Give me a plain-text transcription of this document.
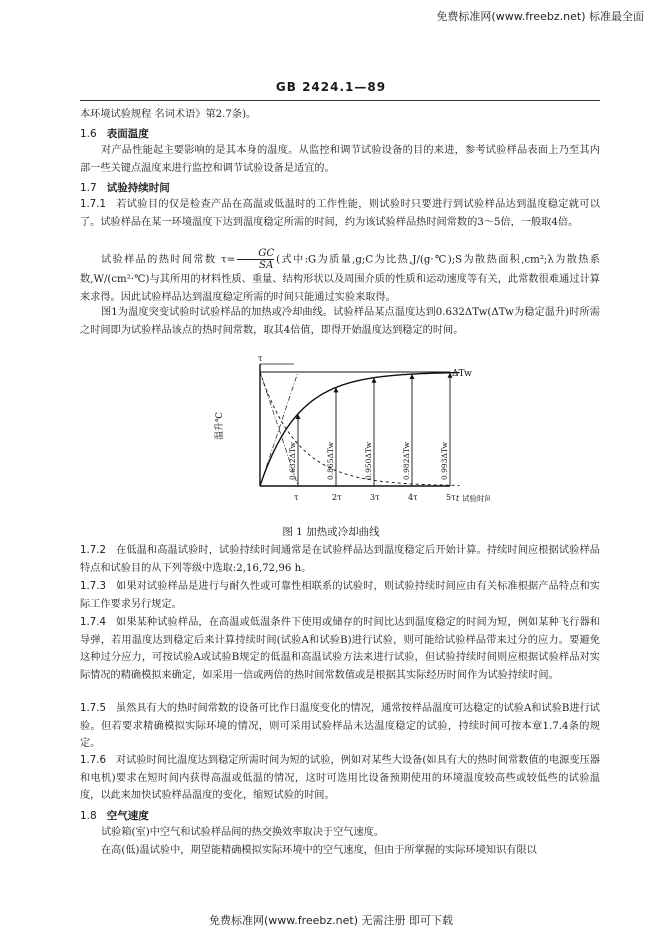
免费标准网(www.freebz.net) 标准最全面
GB 2424.1—89

本环境试验规程 名词术语》第2.7条)。

1.6 表面温度

对产品性能起主要影响的是其本身的温度。从监控和调节试验设备的目的来进，参考试验样品表面上乃至其内部一些关键点温度来进行监控和调节试验设备是适宜的。

1.7 试验持续时间

1.7.1 若试验目的仅是检查产品在高温或低温时的工作性能，则试验时只要进行到试验样品达到温度稳定就可以了。试验样品在某一环境温度下达到温度稳定所需的时间，约为该试验样品热时间常数的3～5倍，一般取4倍。

试验样品的热时间常数 $\tau= \frac{GC}{SA}$ (式中:G为质量,g;C为比热,J/(g·℃);S为散热面积,cm²;λ为散热系数,W/(cm²·℃)与其所用的材料性质、重量、结构形状以及周围介质的性质和运动速度等有关，此常数很难通过计算来求得。因此试验样品达到温度稳定所需的时间只能通过实验来取得。

图1为温度突变试验时试验样品的加热或冷却曲线。试验样品某点温度达到0.632ΔTw(ΔTw为稳定温升)时所需之时间即为试验样品该点的热时间常数，取其4倍值，即得开始温度达到稳定的时间。

ΔTw
温升℃
τ
t 试验时间
τ
0.632ΔTw
2τ
0.865ΔTw
3τ
0.950ΔTw
4τ
0.982ΔTw
5τ
0.993ΔTw
图 1 加热或冷却曲线

1.7.2 在低温和高温试验时，试验持续时间通常是在试验样品达到温度稳定后开始计算。持续时间应根据试验样品特点和试验目的从下列等级中选取:2,16,72,96 h。

1.7.3 如果对试验样品是进行与耐久性或可靠性相联系的试验时，则试验持续时间应由有关标准根据产品特点和实际工作要求另行规定。

1.7.4 如果某种试验样品，在高温或低温条件下使用或储存的时间比达到温度稳定的时间为短，例如某种飞行器和导弹，若用温度达到稳定后来计算持续时间(试验A和试验B)进行试验，则可能给试验样品带来过分的应力。要避免这种过分应力，可按试验A或试验B规定的低温和高温试验方法来进行试验，但试验持续时间则应根据试验样品对实际情况的精确模拟来确定，如采用一倍或两倍的热时间常数值或是根据其实际经历时间作为试验持续时间。

1.7.5 虽然具有大的热时间常数的设备可比作日温度变化的情况，通常按样品温度可达稳定的试验A和试验B进行试验。但若要求精确模拟实际环境的情况，则可采用试验样品未达温度稳定的试验，持续时间可按本章1.7.4条的规定。

1.7.6 对试验时间比温度达到稳定所需时间为短的试验，例如对某些大设备(如具有大的热时间常数值的电源变压器和电机)要求在短时间内获得高温或低温的情况，这时可选用比设备预期使用的环境温度较高些或较低些的试验温度，以此来加快试验样品温度的变化，缩短试验的时间。

1.8 空气速度

试验箱(室)中空气和试验样品间的热交换效率取决于空气速度。

在高(低)温试验中，期望能精确模拟实际环境中的空气速度，但由于所掌握的实际环境知识有限以

免费标准网(www.freebz.net) 无需注册 即可下载
